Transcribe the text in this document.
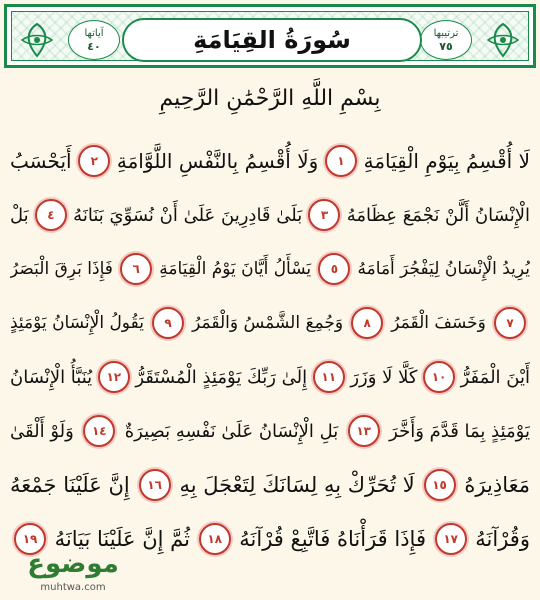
ترتيبها
٧٥
سُورَةُ القِيَامَةِ
آياتها
٤٠
بِسْمِ اللَّهِ الرَّحْمَٰنِ الرَّحِيمِ
لَا أُقْسِمُ بِيَوْمِ الْقِيَامَةِ
١
وَلَا أُقْسِمُ بِالنَّفْسِ اللَّوَّامَةِ
٢
أَيَحْسَبُ
الْإِنْسَانُ أَلَّنْ نَجْمَعَ عِظَامَهُ
٣
بَلَىٰ قَادِرِينَ عَلَىٰ أَنْ نُسَوِّيَ بَنَانَهُ
٤
بَلْ
يُرِيدُ الْإِنْسَانُ لِيَفْجُرَ أَمَامَهُ
٥
يَسْأَلُ أَيَّانَ يَوْمُ الْقِيَامَةِ
٦
فَإِذَا بَرِقَ الْبَصَرُ
٧
وَخَسَفَ الْقَمَرُ
٨
وَجُمِعَ الشَّمْسُ وَالْقَمَرُ
٩
يَقُولُ الْإِنْسَانُ يَوْمَئِذٍ
أَيْنَ الْمَفَرُّ
١٠
كَلَّا لَا وَزَرَ
١١
إِلَىٰ رَبِّكَ يَوْمَئِذٍ الْمُسْتَقَرُّ
١٢
يُنَبَّأُ الْإِنْسَانُ
يَوْمَئِذٍ بِمَا قَدَّمَ وَأَخَّرَ
١٣
بَلِ الْإِنْسَانُ عَلَىٰ نَفْسِهِ بَصِيرَةٌ
١٤
وَلَوْ أَلْقَىٰ
مَعَاذِيرَهُ
١٥
لَا تُحَرِّكْ بِهِ لِسَانَكَ لِتَعْجَلَ بِهِ
١٦
إِنَّ عَلَيْنَا جَمْعَهُ
وَقُرْآنَهُ
١٧
فَإِذَا قَرَأْنَاهُ فَاتَّبِعْ قُرْآنَهُ
١٨
ثُمَّ إِنَّ عَلَيْنَا بَيَانَهُ
١٩
موضوع
muhtwa.com
